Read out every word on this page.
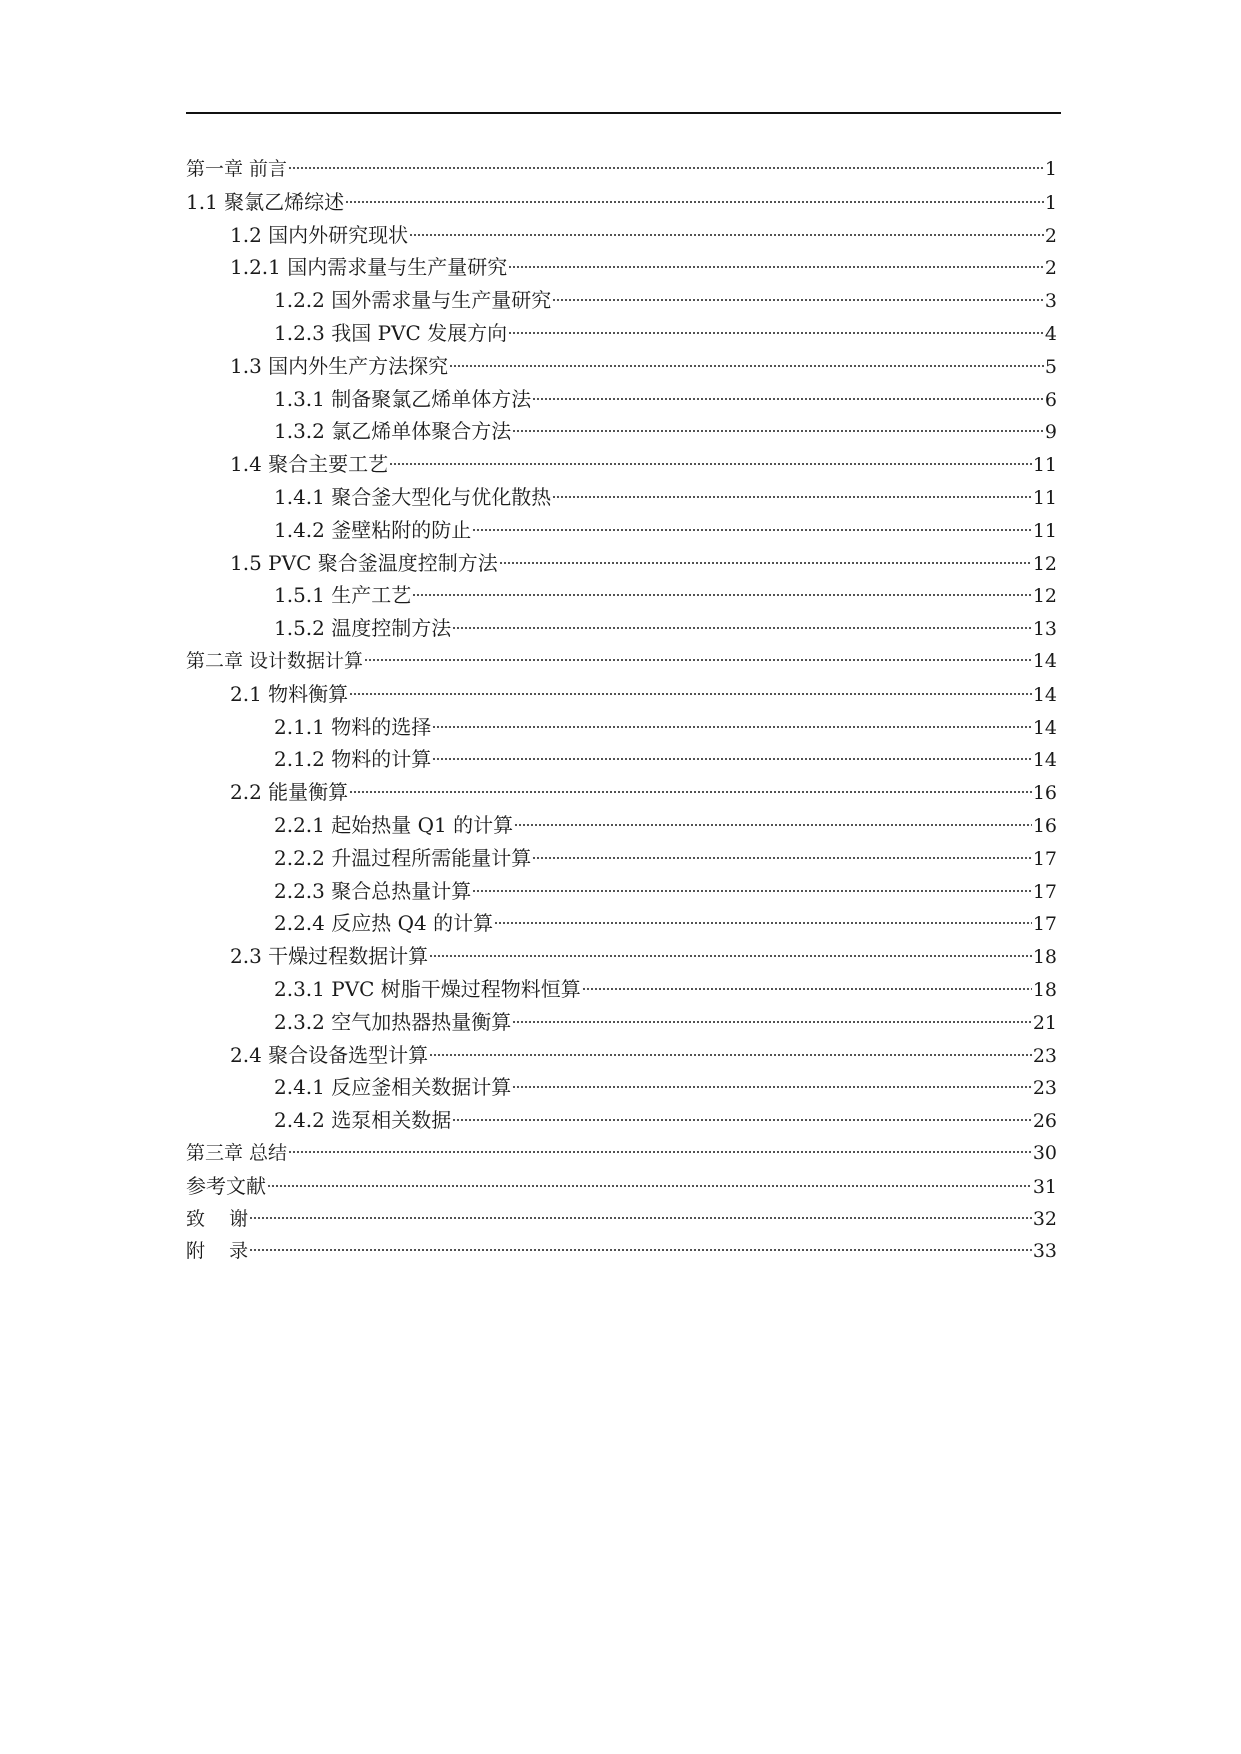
第一章 前言	1
1.1 聚氯乙烯综述	1
1.2 国内外研究现状	2
1.2.1 国内需求量与生产量研究	2
1.2.2 国外需求量与生产量研究	3
1.2.3 我国 PVC 发展方向	4
1.3 国内外生产方法探究	5
1.3.1 制备聚氯乙烯单体方法	6
1.3.2 氯乙烯单体聚合方法	9
1.4 聚合主要工艺	11
1.4.1 聚合釜大型化与优化散热	11
1.4.2 釜壁粘附的防止	11
1.5 PVC 聚合釜温度控制方法	12
1.5.1 生产工艺	12
1.5.2 温度控制方法	13
第二章 设计数据计算	14
2.1 物料衡算	14
2.1.1 物料的选择	14
2.1.2 物料的计算	14
2.2 能量衡算	16
2.2.1 起始热量 Q1 的计算	16
2.2.2 升温过程所需能量计算	17
2.2.3 聚合总热量计算	17
2.2.4 反应热 Q4 的计算	17
2.3 干燥过程数据计算	18
2.3.1 PVC 树脂干燥过程物料恒算	18
2.3.2 空气加热器热量衡算	21
2.4 聚合设备选型计算	23
2.4.1 反应釜相关数据计算	23
2.4.2 选泵相关数据	26
第三章 总结	30
参考文献	31
致    谢	32
附    录	33
